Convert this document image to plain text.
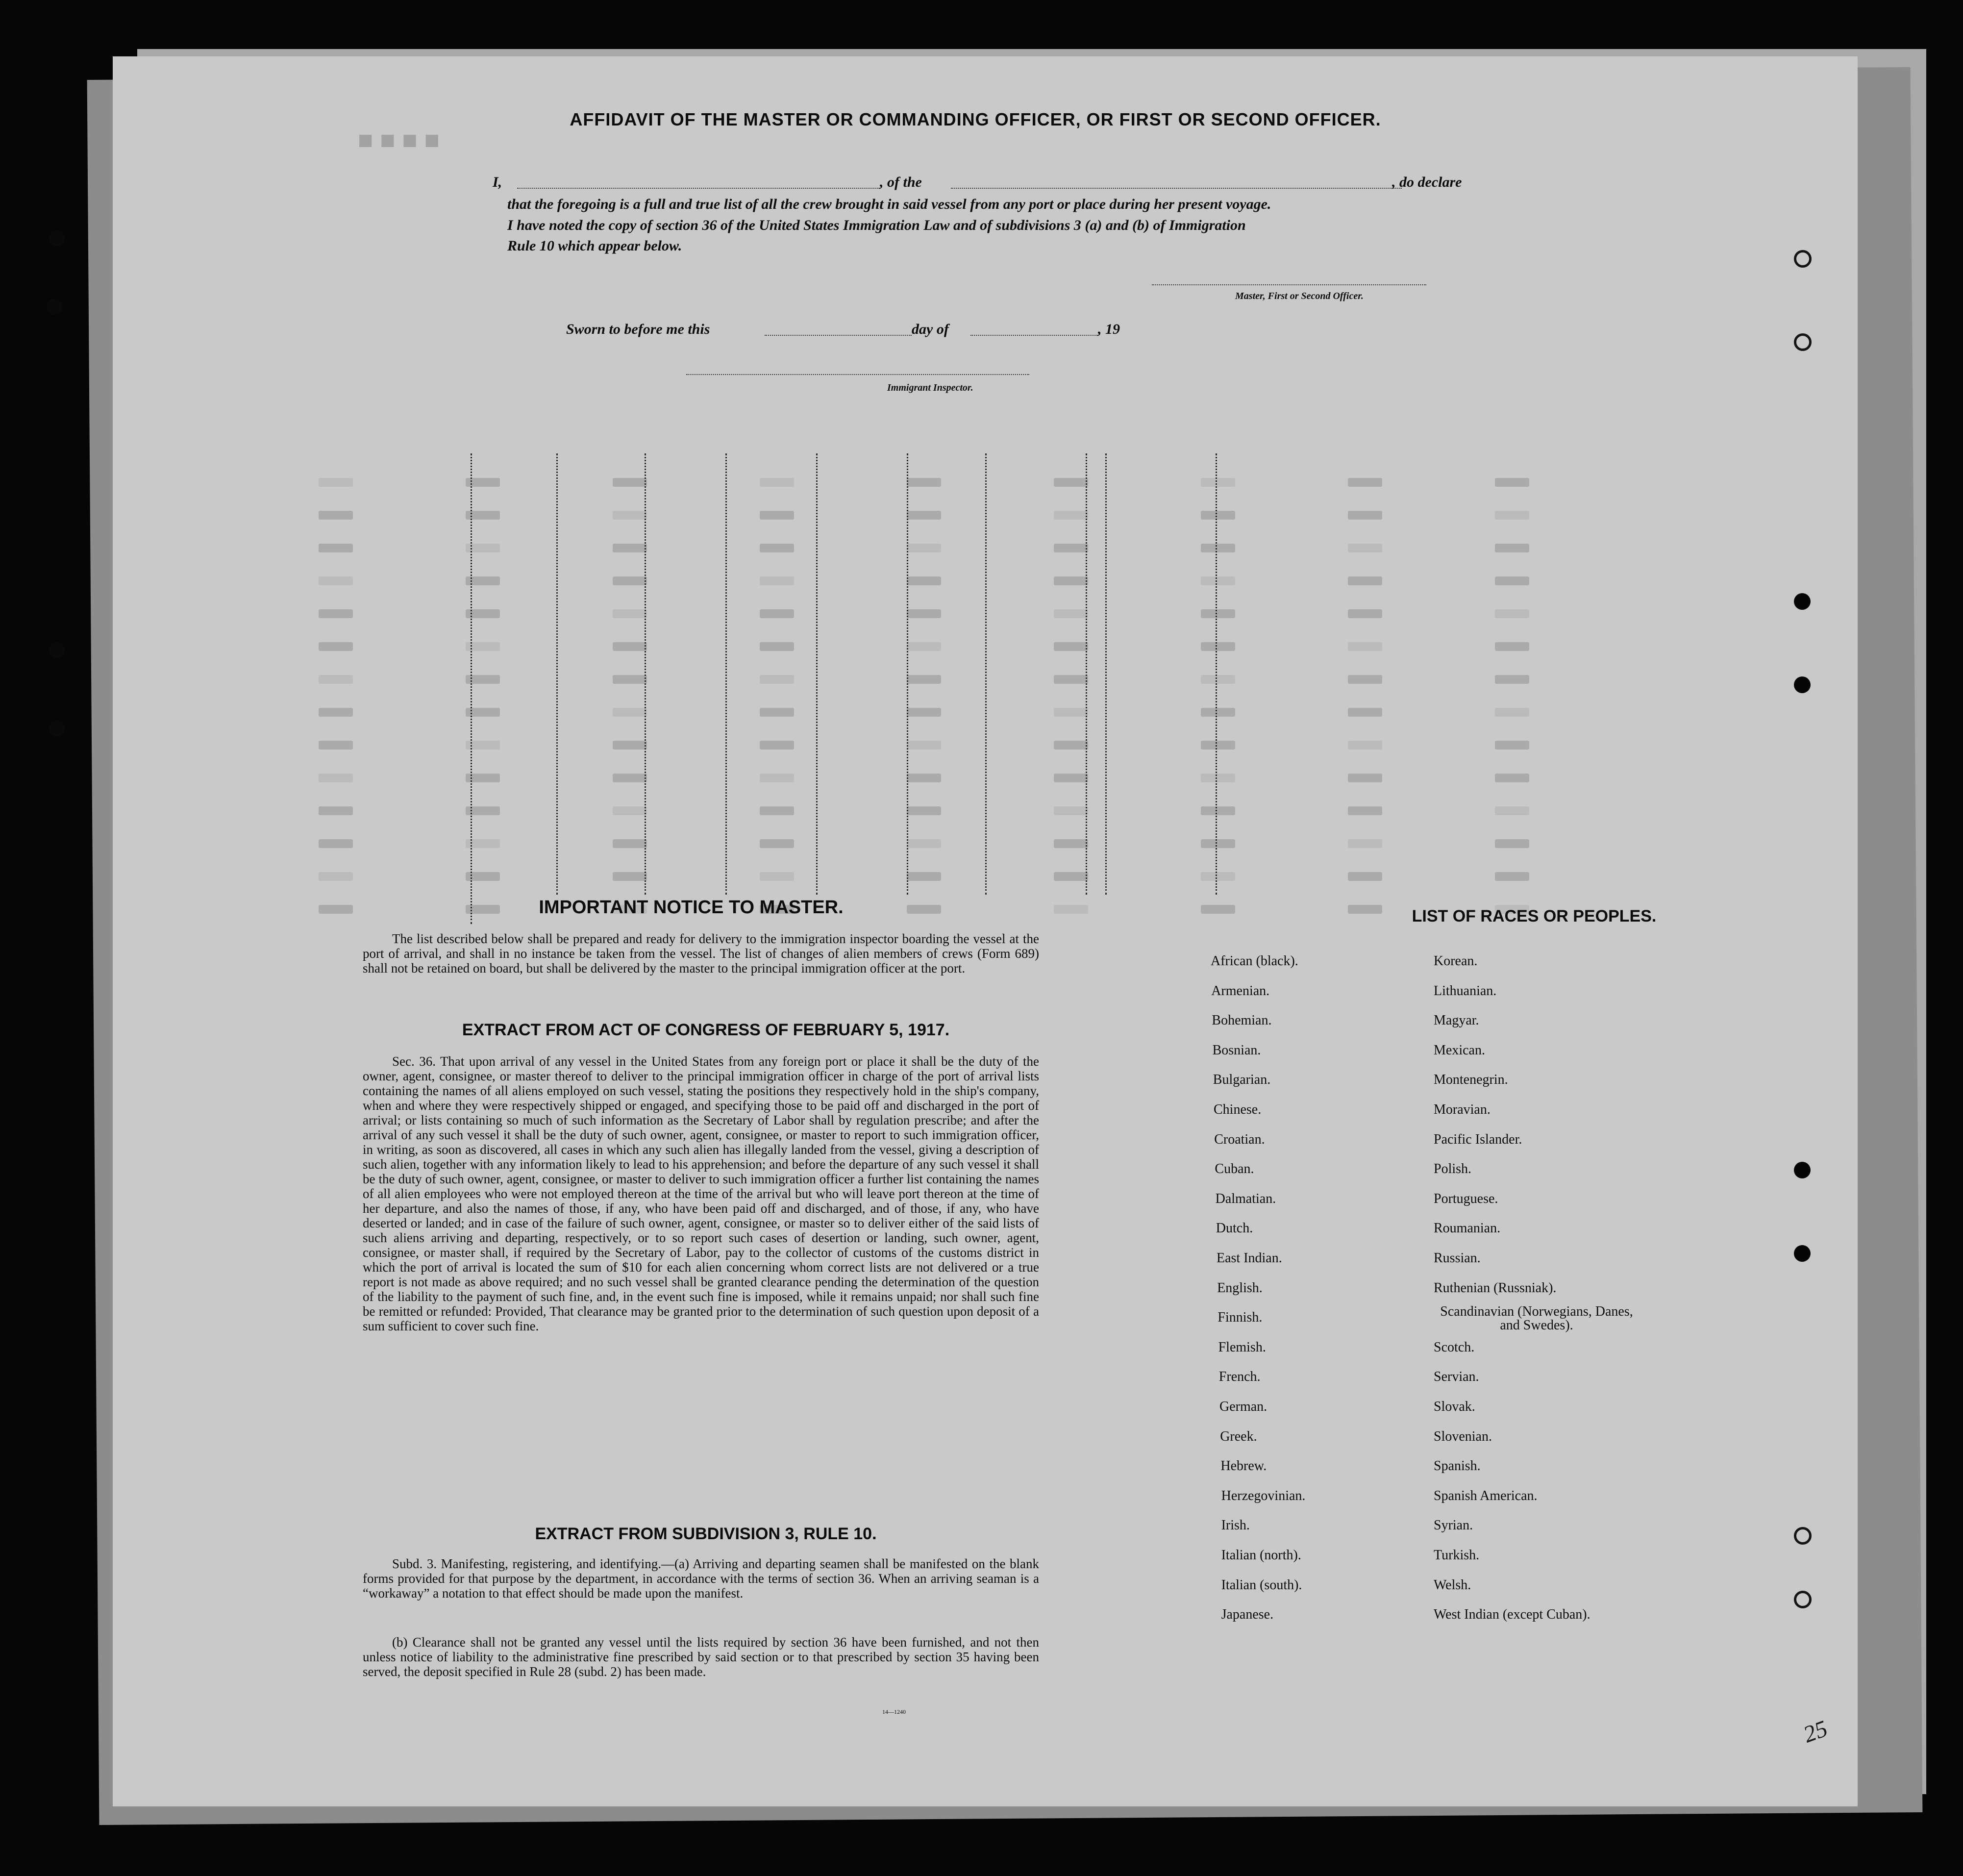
■■■■
AFFIDAVIT OF THE MASTER OR COMMANDING OFFICER, OR FIRST OR SECOND OFFICER.
I,	, of the	, do declare
that the foregoing is a full and true list of all the crew brought in said vessel from any port or place during her present voyage.
I have noted the copy of section 36 of the United States Immigration Law and of subdivisions 3 (a) and (b) of Immigration
Rule 10 which appear below.
Master, First or Second Officer.
Sworn to before me this	day of	, 19
Immigrant Inspector.
IMPORTANT NOTICE TO MASTER.
The list described below shall be prepared and ready for delivery to the immigration inspector boarding the vessel at the port of arrival, and shall in no instance be taken from the vessel. The list of changes of alien members of crews (Form 689) shall not be retained on board, but shall be delivered by the master to the principal immigration officer at the port.
EXTRACT FROM ACT OF CONGRESS OF FEBRUARY 5, 1917.
Sec. 36. That upon arrival of any vessel in the United States from any foreign port or place it shall be the duty of the owner, agent, consignee, or master thereof to deliver to the principal immigration officer in charge of the port of arrival lists containing the names of all aliens employed on such vessel, stating the positions they respectively hold in the ship's company, when and where they were respectively shipped or engaged, and specifying those to be paid off and discharged in the port of arrival; or lists containing so much of such information as the Secretary of Labor shall by regulation prescribe; and after the arrival of any such vessel it shall be the duty of such owner, agent, consignee, or master to report to such immigration officer, in writing, as soon as discovered, all cases in which any such alien has illegally landed from the vessel, giving a description of such alien, together with any information likely to lead to his apprehension; and before the departure of any such vessel it shall be the duty of such owner, agent, consignee, or master to deliver to such immigration officer a further list containing the names of all alien employees who were not employed thereon at the time of the arrival but who will leave port thereon at the time of her departure, and also the names of those, if any, who have been paid off and discharged, and of those, if any, who have deserted or landed; and in case of the failure of such owner, agent, consignee, or master so to deliver either of the said lists of such aliens arriving and departing, respectively, or to so report such cases of desertion or landing, such owner, agent, consignee, or master shall, if required by the Secretary of Labor, pay to the collector of customs of the customs district in which the port of arrival is located the sum of $10 for each alien concerning whom correct lists are not delivered or a true report is not made as above required; and no such vessel shall be granted clearance pending the determination of the question of the liability to the payment of such fine, and, in the event such fine is imposed, while it remains unpaid; nor shall such fine be remitted or refunded: Provided, That clearance may be granted prior to the determination of such question upon deposit of a sum sufficient to cover such fine.
EXTRACT FROM SUBDIVISION 3, RULE 10.
Subd. 3. Manifesting, registering, and identifying.—(a) Arriving and departing seamen shall be manifested on the blank forms provided for that purpose by the department, in accordance with the terms of section 36. When an arriving seaman is a “workaway” a notation to that effect should be made upon the manifest.
(b) Clearance shall not be granted any vessel until the lists required by section 36 have been furnished, and not then unless notice of liability to the administrative fine prescribed by said section or to that prescribed by section 35 having been served, the deposit specified in Rule 28 (subd. 2) has been made.
14—1240
LIST OF RACES OR PEOPLES.
African (black).
Armenian.
Bohemian.
Bosnian.
Bulgarian.
Chinese.
Croatian.
Cuban.
Dalmatian.
Dutch.
East Indian.
English.
Finnish.
Flemish.
French.
German.
Greek.
Hebrew.
Herzegovinian.
Irish.
Italian (north).
Italian (south).
Japanese.
Korean.
Lithuanian.
Magyar.
Mexican.
Montenegrin.
Moravian.
Pacific Islander.
Polish.
Portuguese.
Roumanian.
Russian.
Ruthenian (Russniak).
Scandinavian (Norwegians, Danes, and Swedes).
Scotch.
Servian.
Slovak.
Slovenian.
Spanish.
Spanish American.
Syrian.
Turkish.
Welsh.
West Indian (except Cuban).
25
